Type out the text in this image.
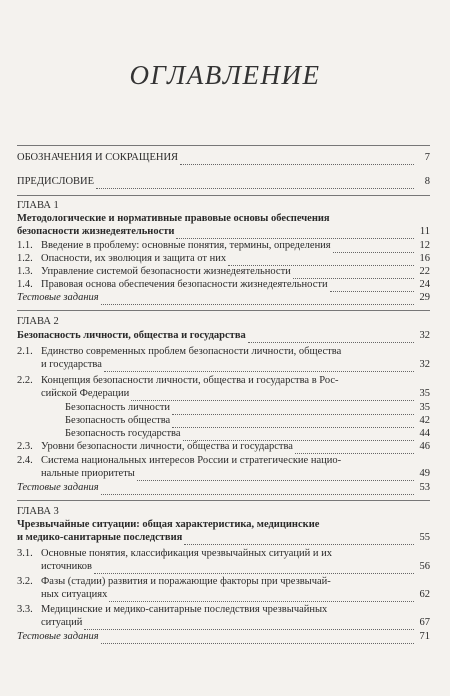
ОГЛАВЛЕНИЕ
ОБОЗНАЧЕНИЯ И СОКРАЩЕНИЯ	7
ПРЕДИСЛОВИЕ	8
ГЛАВА 1
Методологические и нормативные правовые основы обеспечения
безопасности жизнедеятельности	11
1.1. Введение в проблему: основные понятия, термины, определения	12
1.2. Опасности, их эволюция и защита от них	16
1.3. Управление системой безопасности жизнедеятельности	22
1.4. Правовая основа обеспечения безопасности жизнедеятельности	24
Тестовые задания	29
ГЛАВА 2
Безопасность личности, общества и государства	32
2.1. Единство современных проблем безопасности личности, общества
и государства	32
2.2. Концепция безопасности личности, общества и государства в Рос-
сийской Федерации	35
Безопасность личности	35
Безопасность общества	42
Безопасность государства	44
2.3. Уровни безопасности личности, общества и государства	46
2.4. Система национальных интересов России и стратегические нацио-
нальные приоритеты	49
Тестовые задания	53
ГЛАВА 3
Чрезвычайные ситуации: общая характеристика, медицинские
и медико-санитарные последствия	55
3.1. Основные понятия, классификация чрезвычайных ситуаций и их
источников	56
3.2. Фазы (стадии) развития и поражающие факторы при чрезвычай-
ных ситуациях	62
3.3. Медицинские и медико-санитарные последствия чрезвычайных
ситуаций	67
Тестовые задания	71
